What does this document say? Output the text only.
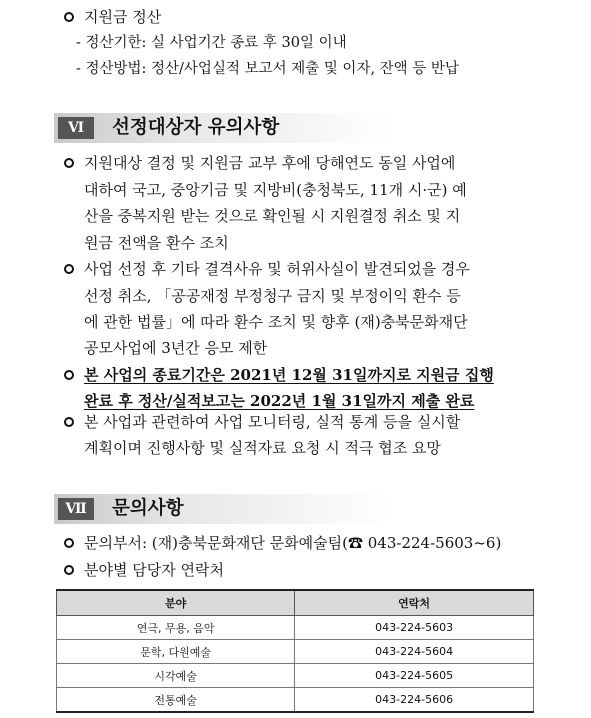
지원금 정산
- 정산기한: 실 사업기간 종료 후 30일 이내
- 정산방법: 정산/사업실적 보고서 제출 및 이자, 잔액 등 반납
Ⅵ	선정대상자 유의사항
지원대상 결정 및 지원금 교부 후에 당해연도 동일 사업에
대하여 국고, 중앙기금 및 지방비(충청북도, 11개 시·군) 예
산을 중복지원 받는 것으로 확인될 시 지원결정 취소 및 지
원금 전액을 환수 조치
사업 선정 후 기타 결격사유 및 허위사실이 발견되었을 경우
선정 취소, 「공공재정 부정청구 금지 및 부정이익 환수 등
에 관한 법률」에 따라 환수 조치 및 향후 (재)충북문화재단
공모사업에 3년간 응모 제한
본 사업의 종료기간은 2021년 12월 31일까지로 지원금 집행
완료 후 정산/실적보고는 2022년 1월 31일까지 제출 완료
본 사업과 관련하여 사업 모니터링, 실적 통계 등을 실시할
계획이며 진행사항 및 실적자료 요청 시 적극 협조 요망
Ⅶ	문의사항
문의부서: (재)충북문화재단 문화예술팀(☎ 043-224-5603~6)
분야별 담당자 연락처
분야	연락처
연극, 무용, 음악	043-224-5603
문학, 다원예술	043-224-5604
시각예술	043-224-5605
전통예술	043-224-5606
